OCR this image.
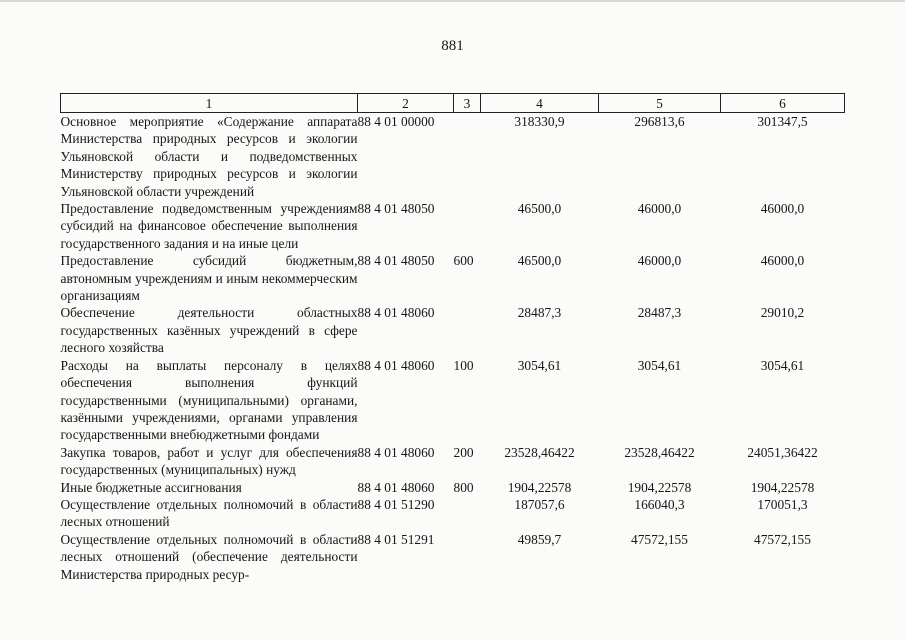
881
1	2	3	4	5	6
Основное мероприятие «Содержание аппарата Министерства природных ресурсов и экологии Ульяновской области и подведомственных Министерству природных ресурсов и экологии Ульяновской области учреждений	88 4 01 00000		318330,9	296813,6	301347,5
Предоставление подведомственным учреждениям субсидий на финансовое обеспечение выполнения государственного задания и на иные цели	88 4 01 48050		46500,0	46000,0	46000,0
Предоставление субсидий бюджетным, автономным учреждениям и иным некоммерческим организациям	88 4 01 48050	600	46500,0	46000,0	46000,0
Обеспечение деятельности областных государственных казённых учреждений в сфере лесного хозяйства	88 4 01 48060		28487,3	28487,3	29010,2
Расходы на выплаты персоналу в целях обеспечения выполнения функций государственными (муниципальными) органами, казёнными учреждениями, органами управления государственными внебюджетными фондами	88 4 01 48060	100	3054,61	3054,61	3054,61
Закупка товаров, работ и услуг для обеспечения государственных (муниципальных) нужд	88 4 01 48060	200	23528,46422	23528,46422	24051,36422
Иные бюджетные ассигнования	88 4 01 48060	800	1904,22578	1904,22578	1904,22578
Осуществление отдельных полномочий в области лесных отношений	88 4 01 51290		187057,6	166040,3	170051,3
Осуществление отдельных полномочий в области лесных отношений (обеспечение деятельности Министерства природных ресур-	88 4 01 51291		49859,7	47572,155	47572,155
